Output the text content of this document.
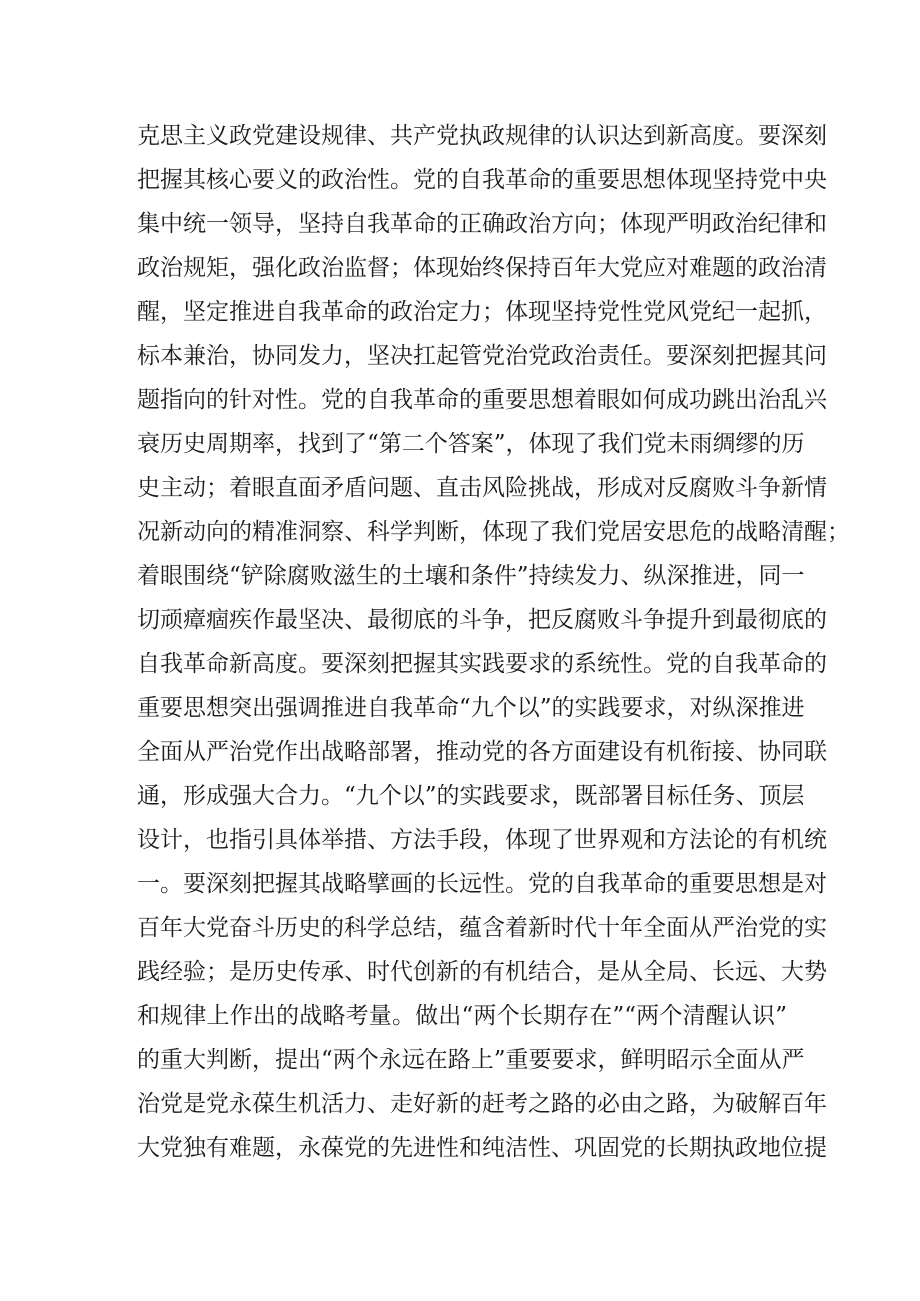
克思主义政党建设规律、共产党执政规律的认识达到新高度。要深刻
把握其核心要义的政治性。党的自我革命的重要思想体现坚持党中央
集中统一领导，坚持自我革命的正确政治方向；体现严明政治纪律和
政治规矩，强化政治监督；体现始终保持百年大党应对难题的政治清
醒，坚定推进自我革命的政治定力；体现坚持党性党风党纪一起抓，
标本兼治，协同发力，坚决扛起管党治党政治责任。要深刻把握其问
题指向的针对性。党的自我革命的重要思想着眼如何成功跳出治乱兴
衰历史周期率，找到了“第二个答案”，体现了我们党未雨绸缪的历
史主动；着眼直面矛盾问题、直击风险挑战，形成对反腐败斗争新情
况新动向的精准洞察、科学判断，体现了我们党居安思危的战略清醒；
着眼围绕“铲除腐败滋生的土壤和条件”持续发力、纵深推进，同一
切顽瘴痼疾作最坚决、最彻底的斗争，把反腐败斗争提升到最彻底的
自我革命新高度。要深刻把握其实践要求的系统性。党的自我革命的
重要思想突出强调推进自我革命“九个以”的实践要求，对纵深推进
全面从严治党作出战略部署，推动党的各方面建设有机衔接、协同联
通，形成强大合力。“九个以”的实践要求，既部署目标任务、顶层
设计，也指引具体举措、方法手段，体现了世界观和方法论的有机统
一。要深刻把握其战略擘画的长远性。党的自我革命的重要思想是对
百年大党奋斗历史的科学总结，蕴含着新时代十年全面从严治党的实
践经验；是历史传承、时代创新的有机结合，是从全局、长远、大势
和规律上作出的战略考量。做出“两个长期存在”“两个清醒认识”
的重大判断，提出“两个永远在路上”重要要求，鲜明昭示全面从严
治党是党永葆生机活力、走好新的赶考之路的必由之路，为破解百年
大党独有难题，永葆党的先进性和纯洁性、巩固党的长期执政地位提
